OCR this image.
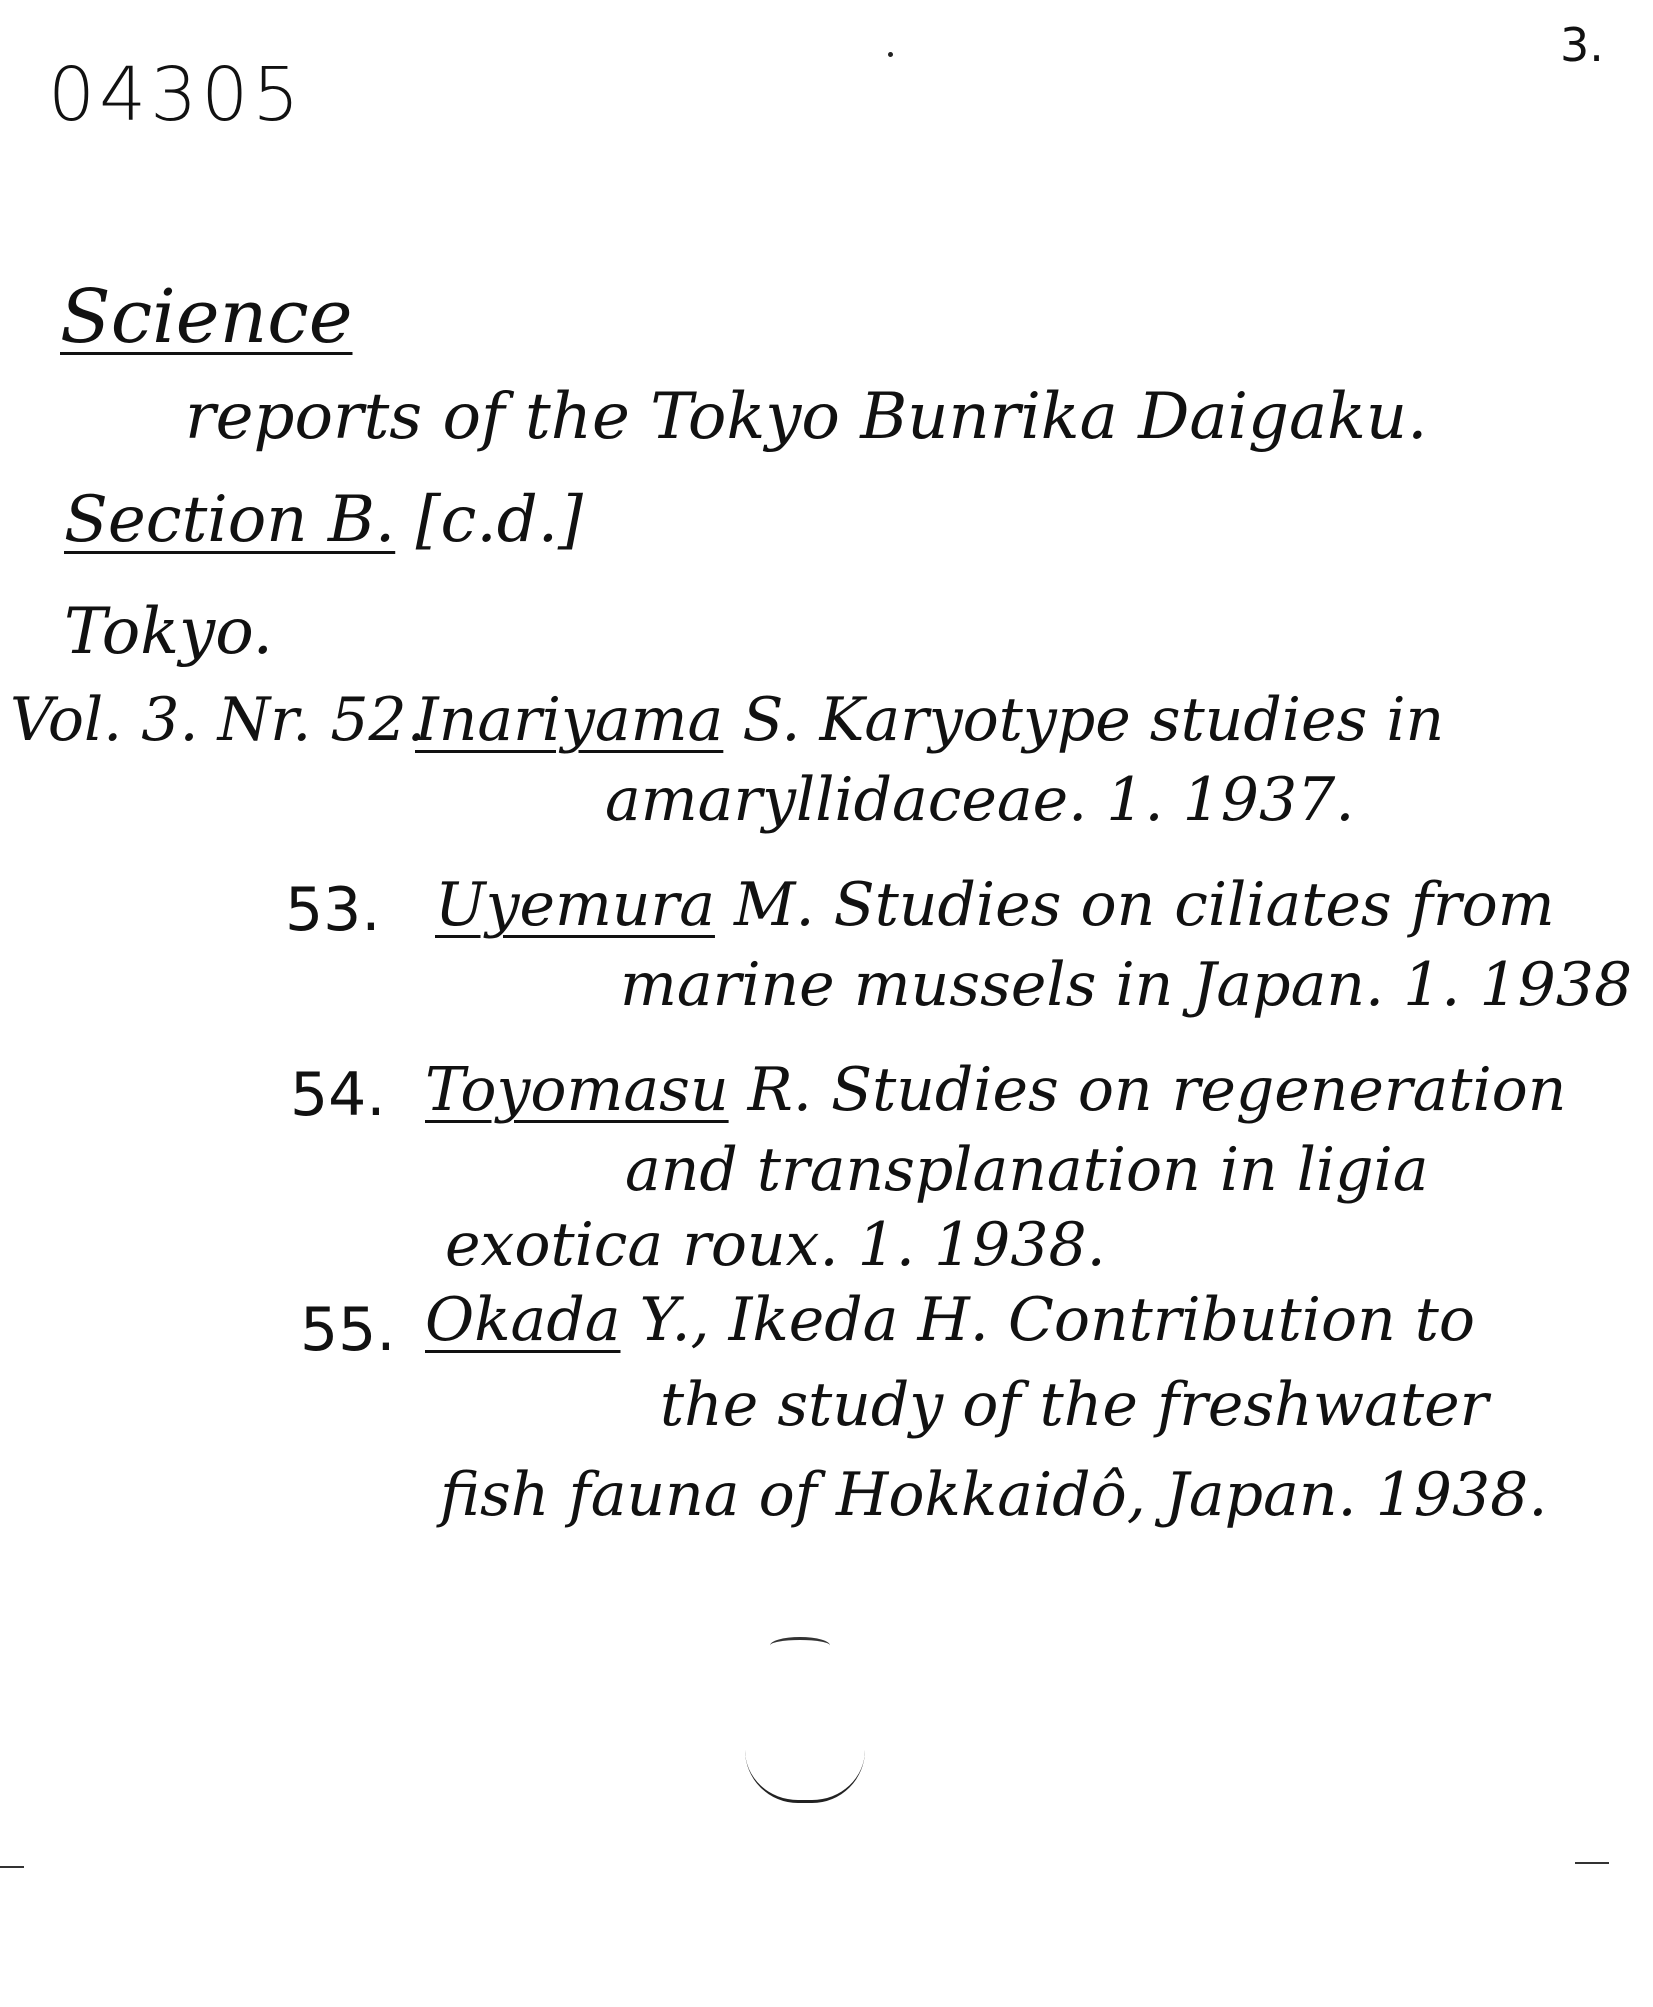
04305
3.
Science
reports of the Tokyo Bunrika Daigaku.
Section B. [c.d.]
Tokyo.
Vol. 3. Nr. 52.
Inariyama S. Karyotype studies in
amaryllidaceae. 1. 1937.
53. Uyemura M. Studies on ciliates from
marine mussels in Japan. 1. 1938
54. Toyomasu R. Studies on regeneration
and transplanation in ligia
exotica roux. 1. 1938.
55. Okada Y., Ikeda H. Contribution to
the study of the freshwater
fish fauna of Hokkaidô, Japan. 1938.
